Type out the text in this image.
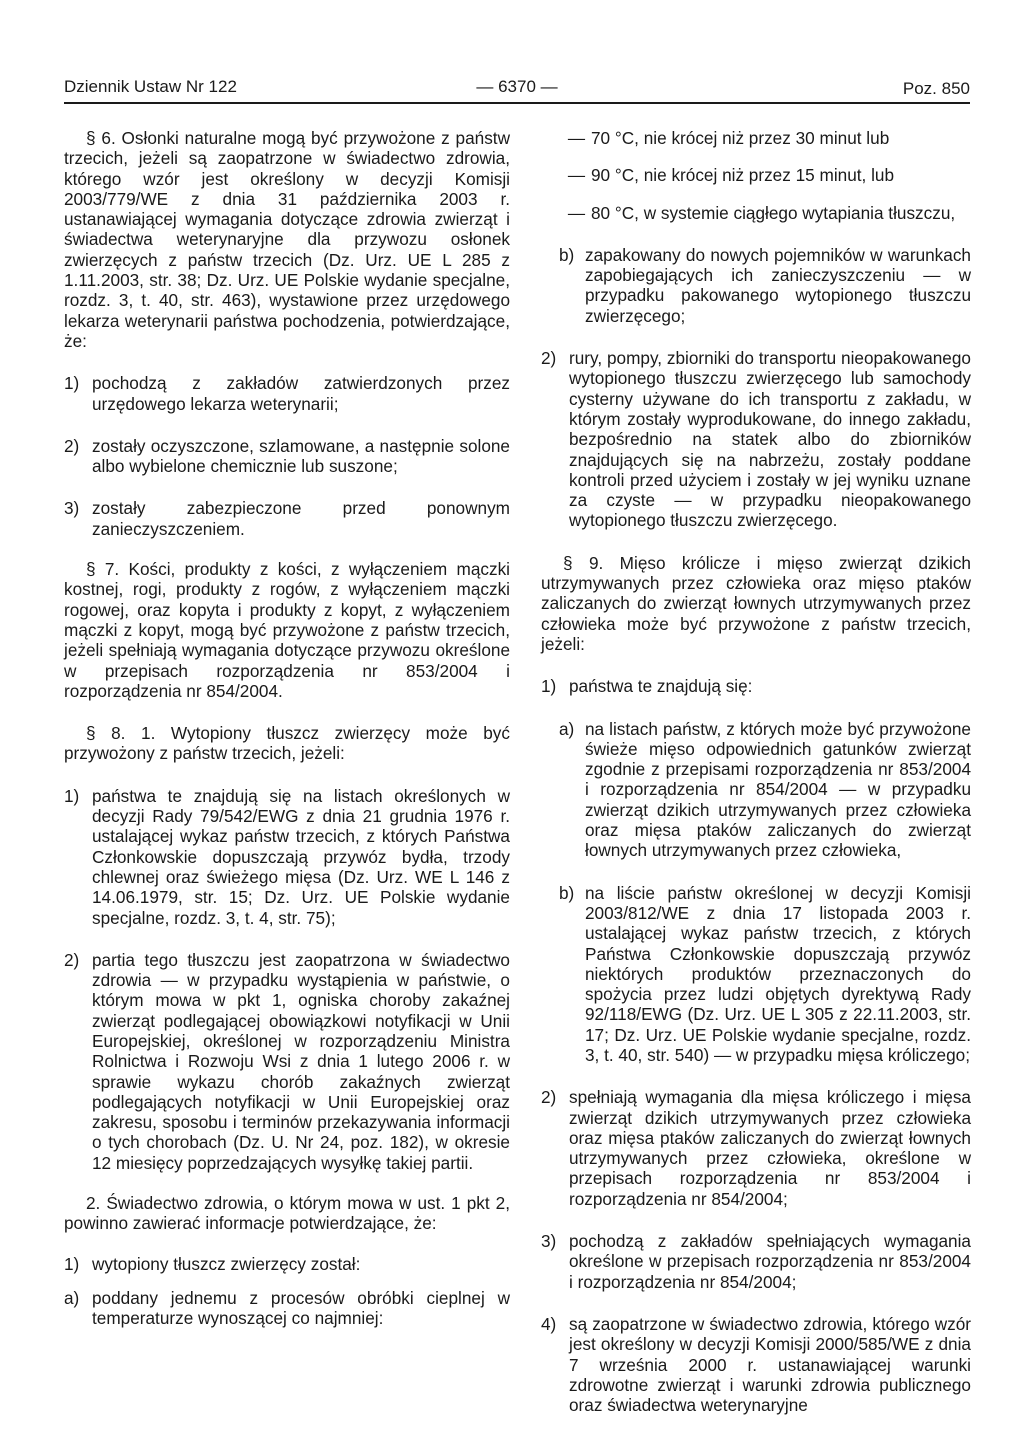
Dziennik Ustaw Nr 122	— 6370 —	Poz. 850

§ 6. Osłonki naturalne mogą być przywożone z państw trzecich, jeżeli są zaopatrzone w świadectwo zdrowia, którego wzór jest określony w decyzji Komisji 2003/779/WE z dnia 31 października 2003 r. ustanawiającej wymagania dotyczące zdrowia zwierząt i świadectwa weterynaryjne dla przywozu osłonek zwierzęcych z państw trzecich (Dz. Urz. UE L 285 z 1.11.2003, str. 38; Dz. Urz. UE Polskie wydanie specjalne, rozdz. 3, t. 40, str. 463), wystawione przez urzędowego lekarza weterynarii państwa pochodzenia, potwierdzające, że:

1) pochodzą z zakładów zatwierdzonych przez urzędowego lekarza weterynarii;
2) zostały oczyszczone, szlamowane, a następnie solone albo wybielone chemicznie lub suszone;
3) zostały zabezpieczone przed ponownym zanieczyszczeniem.

§ 7. Kości, produkty z kości, z wyłączeniem mączki kostnej, rogi, produkty z rogów, z wyłączeniem mączki rogowej, oraz kopyta i produkty z kopyt, z wyłączeniem mączki z kopyt, mogą być przywożone z państw trzecich, jeżeli spełniają wymagania dotyczące przywozu określone w przepisach rozporządzenia nr 853/2004 i rozporządzenia nr 854/2004.

§ 8. 1. Wytopiony tłuszcz zwierzęcy może być przywożony z państw trzecich, jeżeli:

1) państwa te znajdują się na listach określonych w decyzji Rady 79/542/EWG z dnia 21 grudnia 1976 r. ustalającej wykaz państw trzecich, z których Państwa Członkowskie dopuszczają przywóz bydła, trzody chlewnej oraz świeżego mięsa (Dz. Urz. WE L 146 z 14.06.1979, str. 15; Dz. Urz. UE Polskie wydanie specjalne, rozdz. 3, t. 4, str. 75);
2) partia tego tłuszczu jest zaopatrzona w świadectwo zdrowia — w przypadku wystąpienia w państwie, o którym mowa w pkt 1, ogniska choroby zakaźnej zwierząt podlegającej obowiązkowi notyfikacji w Unii Europejskiej, określonej w rozporządzeniu Ministra Rolnictwa i Rozwoju Wsi z dnia 1 lutego 2006 r. w sprawie wykazu chorób zakaźnych zwierząt podlegających notyfikacji w Unii Europejskiej oraz zakresu, sposobu i terminów przekazywania informacji o tych chorobach (Dz. U. Nr 24, poz. 182), w okresie 12 miesięcy poprzedzających wysyłkę takiej partii.

2. Świadectwo zdrowia, o którym mowa w ust. 1 pkt 2, powinno zawierać informacje potwierdzające, że:

1) wytopiony tłuszcz zwierzęcy został:
a) poddany jednemu z procesów obróbki cieplnej w temperaturze wynoszącej co najmniej:
— 70 °C, nie krócej niż przez 30 minut lub
— 90 °C, nie krócej niż przez 15 minut, lub
— 80 °C, w systemie ciągłego wytapiania tłuszczu,
b) zapakowany do nowych pojemników w warunkach zapobiegających ich zanieczyszczeniu — w przypadku pakowanego wytopionego tłuszczu zwierzęcego;
2) rury, pompy, zbiorniki do transportu nieopakowanego wytopionego tłuszczu zwierzęcego lub samochody cysterny używane do ich transportu z zakładu, w którym zostały wyprodukowane, do innego zakładu, bezpośrednio na statek albo do zbiorników znajdujących się na nabrzeżu, zostały poddane kontroli przed użyciem i zostały w jej wyniku uznane za czyste — w przypadku nieopakowanego wytopionego tłuszczu zwierzęcego.

§ 9. Mięso królicze i mięso zwierząt dzikich utrzymywanych przez człowieka oraz mięso ptaków zaliczanych do zwierząt łownych utrzymywanych przez człowieka może być przywożone z państw trzecich, jeżeli:

1) państwa te znajdują się:
a) na listach państw, z których może być przywożone świeże mięso odpowiednich gatunków zwierząt zgodnie z przepisami rozporządzenia nr 853/2004 i rozporządzenia nr 854/2004 — w przypadku zwierząt dzikich utrzymywanych przez człowieka oraz mięsa ptaków zaliczanych do zwierząt łownych utrzymywanych przez człowieka,
b) na liście państw określonej w decyzji Komisji 2003/812/WE z dnia 17 listopada 2003 r. ustalającej wykaz państw trzecich, z których Państwa Członkowskie dopuszczają przywóz niektórych produktów przeznaczonych do spożycia przez ludzi objętych dyrektywą Rady 92/118/EWG (Dz. Urz. UE L 305 z 22.11.2003, str. 17; Dz. Urz. UE Polskie wydanie specjalne, rozdz. 3, t. 40, str. 540) — w przypadku mięsa króliczego;
2) spełniają wymagania dla mięsa króliczego i mięsa zwierząt dzikich utrzymywanych przez człowieka oraz mięsa ptaków zaliczanych do zwierząt łownych utrzymywanych przez człowieka, określone w przepisach rozporządzenia nr 853/2004 i rozporządzenia nr 854/2004;
3) pochodzą z zakładów spełniających wymagania określone w przepisach rozporządzenia nr 853/2004 i rozporządzenia nr 854/2004;
4) są zaopatrzone w świadectwo zdrowia, którego wzór jest określony w decyzji Komisji 2000/585/WE z dnia 7 września 2000 r. ustanawiającej warunki zdrowotne zwierząt i warunki zdrowia publicznego oraz świadectwa weterynaryjne
